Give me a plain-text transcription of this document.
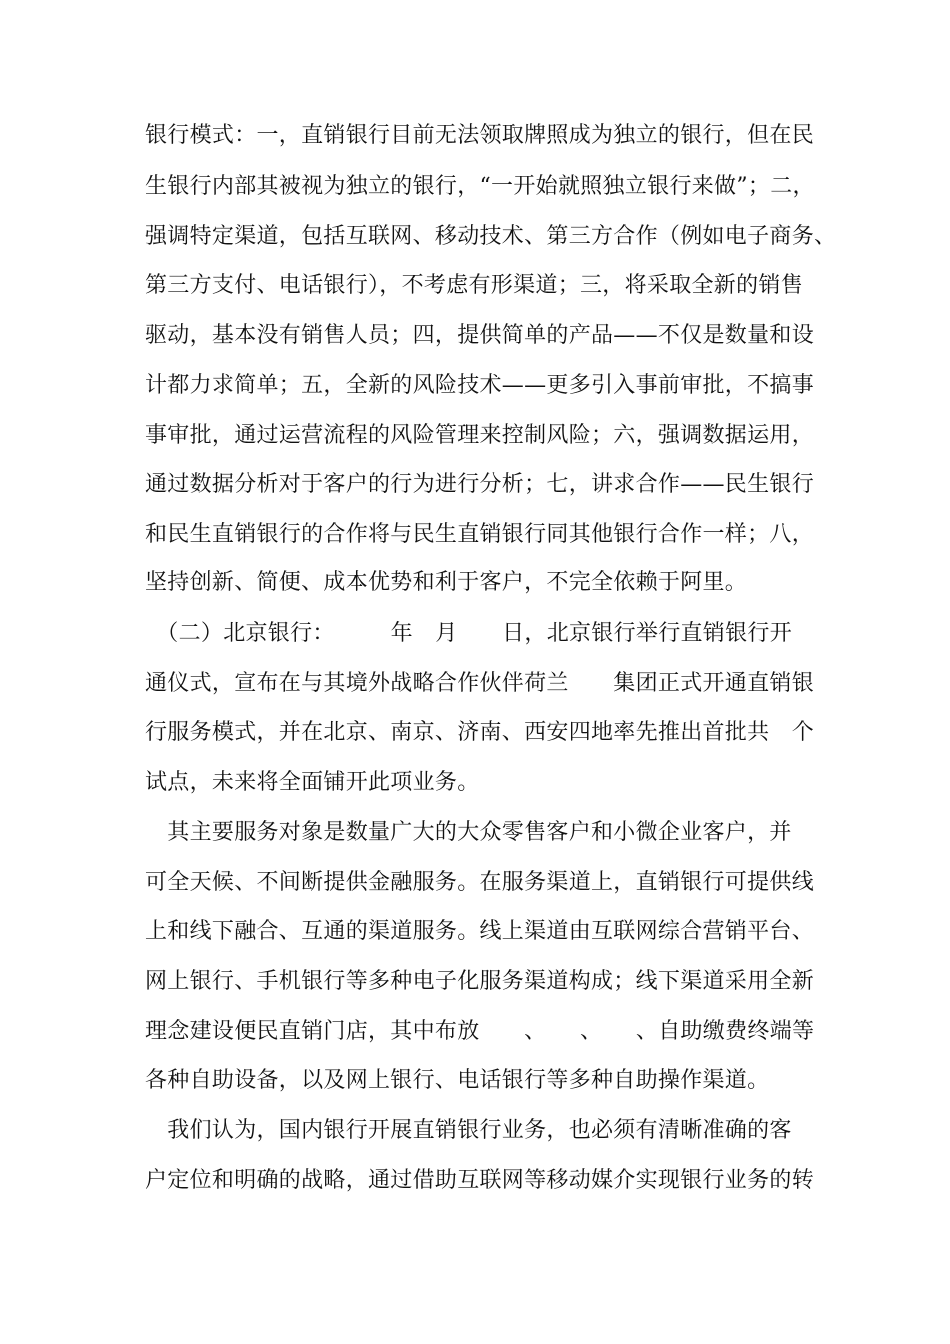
银行模式：一，直销银行目前无法领取牌照成为独立的银行，但在民
生银行内部其被视为独立的银行，“一开始就照独立银行来做”；二，
强调特定渠道，包括互联网、移动技术、第三方合作（例如电子商务、
第三方支付、电话银行），不考虑有形渠道；三，将采取全新的销售
驱动，基本没有销售人员；四，提供简单的产品——不仅是数量和设
计都力求简单；五，全新的风险技术——更多引入事前审批，不搞事
事审批，通过运营流程的风险管理来控制风险；六，强调数据运用，
通过数据分析对于客户的行为进行分析；七，讲求合作——民生银行
和民生直销银行的合作将与民生直销银行同其他银行合作一样；八，
坚持创新、简便、成本优势和利于客户，不完全依赖于阿里。
　（二）北京银行：　　　年　月　　日，北京银行举行直销银行开
通仪式，宣布在与其境外战略合作伙伴荷兰　　集团正式开通直销银
行服务模式，并在北京、南京、济南、西安四地率先推出首批共　个
试点，未来将全面铺开此项业务。
　其主要服务对象是数量广大的大众零售客户和小微企业客户，并
可全天候、不间断提供金融服务。在服务渠道上，直销银行可提供线
上和线下融合、互通的渠道服务。线上渠道由互联网综合营销平台、
网上银行、手机银行等多种电子化服务渠道构成；线下渠道采用全新
理念建设便民直销门店，其中布放　　、　　、　　、自助缴费终端等
各种自助设备，以及网上银行、电话银行等多种自助操作渠道。
　我们认为，国内银行开展直销银行业务，也必须有清晰准确的客
户定位和明确的战略，通过借助互联网等移动媒介实现银行业务的转
